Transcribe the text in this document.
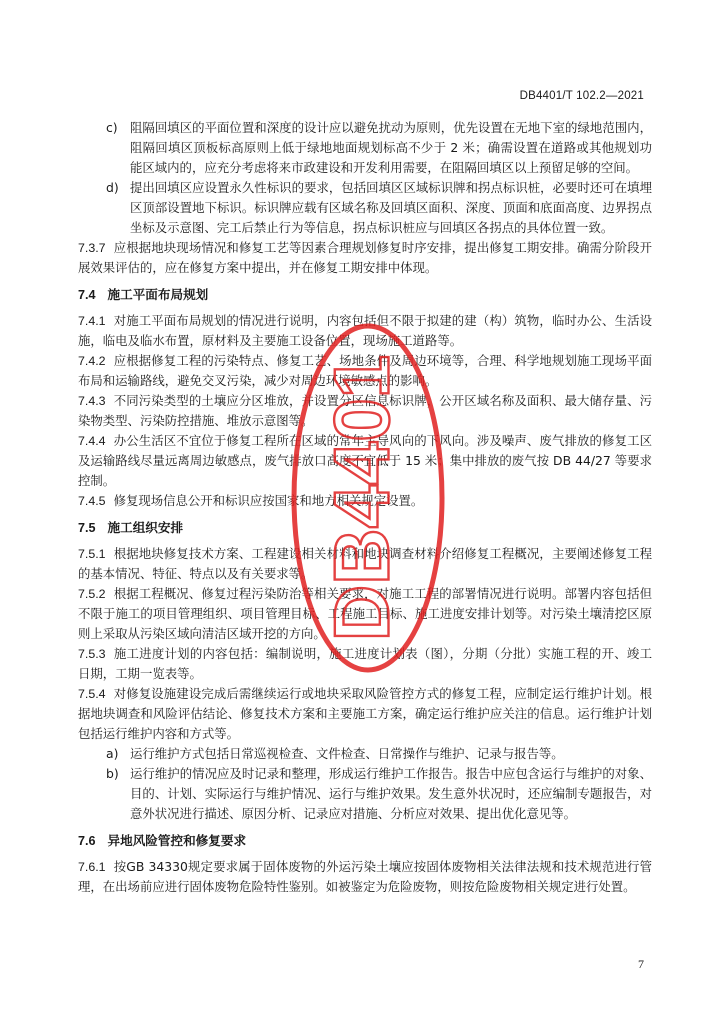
DB4401/T 102.2—2021

c) 阻隔回填区的平面位置和深度的设计应以避免扰动为原则，优先设置在无地下室的绿地范围内，阻隔回填区顶板标高原则上低于绿地地面规划标高不少于 2 米；确需设置在道路或其他规划功能区域内的，应充分考虑将来市政建设和开发利用需要，在阻隔回填区以上预留足够的空间。

d) 提出回填区应设置永久性标识的要求，包括回填区区域标识牌和拐点标识桩，必要时还可在填埋区顶部设置地下标识。标识牌应载有区域名称及回填区面积、深度、顶面和底面高度、边界拐点坐标及示意图、完工后禁止行为等信息，拐点标识桩应与回填区各拐点的具体位置一致。

7.3.7 应根据地块现场情况和修复工艺等因素合理规划修复时序安排，提出修复工期安排。确需分阶段开展效果评估的，应在修复方案中提出，并在修复工期安排中体现。

7.4 施工平面布局规划

7.4.1 对施工平面布局规划的情况进行说明，内容包括但不限于拟建的建（构）筑物，临时办公、生活设施，临电及临水布置，原材料及主要施工设备位置，现场施工道路等。

7.4.2 应根据修复工程的污染特点、修复工艺、场地条件及周边环境等，合理、科学地规划施工现场平面布局和运输路线，避免交叉污染，减少对周边环境敏感点的影响。

7.4.3 不同污染类型的土壤应分区堆放，并设置分区信息标识牌，公开区域名称及面积、最大储存量、污染物类型、污染防控措施、堆放示意图等。

7.4.4 办公生活区不宜位于修复工程所在区域的常年主导风向的下风向。涉及噪声、废气排放的修复工区及运输路线尽量远离周边敏感点，废气排放口高度不宜低于 15 米；集中排放的废气按 DB 44/27 等要求控制。

7.4.5 修复现场信息公开和标识应按国家和地方相关规定设置。

7.5 施工组织安排

7.5.1 根据地块修复技术方案、工程建设相关材料和地块调查材料介绍修复工程概况，主要阐述修复工程的基本情况、特征、特点以及有关要求等。

7.5.2 根据工程概况、修复过程污染防治等相关要求，对施工工程的部署情况进行说明。部署内容包括但不限于施工的项目管理组织、项目管理目标、工程施工目标、施工进度安排计划等。对污染土壤清挖区原则上采取从污染区域向清洁区域开挖的方向。

7.5.3 施工进度计划的内容包括：编制说明，施工进度计划表（图），分期（分批）实施工程的开、竣工日期，工期一览表等。

7.5.4 对修复设施建设完成后需继续运行或地块采取风险管控方式的修复工程，应制定运行维护计划。根据地块调查和风险评估结论、修复技术方案和主要施工方案，确定运行维护应关注的信息。运行维护计划包括运行维护内容和方式等。

a) 运行维护方式包括日常巡视检查、文件检查、日常操作与维护、记录与报告等。

b) 运行维护的情况应及时记录和整理，形成运行维护工作报告。报告中应包含运行与维护的对象、目的、计划、实际运行与维护情况、运行与维护效果。发生意外状况时，还应编制专题报告，对意外状况进行描述、原因分析、记录应对措施、分析应对效果、提出优化意见等。

7.6 异地风险管控和修复要求

7.6.1 按GB 34330规定要求属于固体废物的外运污染土壤应按固体废物相关法律法规和技术规范进行管理，在出场前应进行固体废物危险特性鉴别。如被鉴定为危险废物，则按危险废物相关规定进行处置。

DB4401
7
